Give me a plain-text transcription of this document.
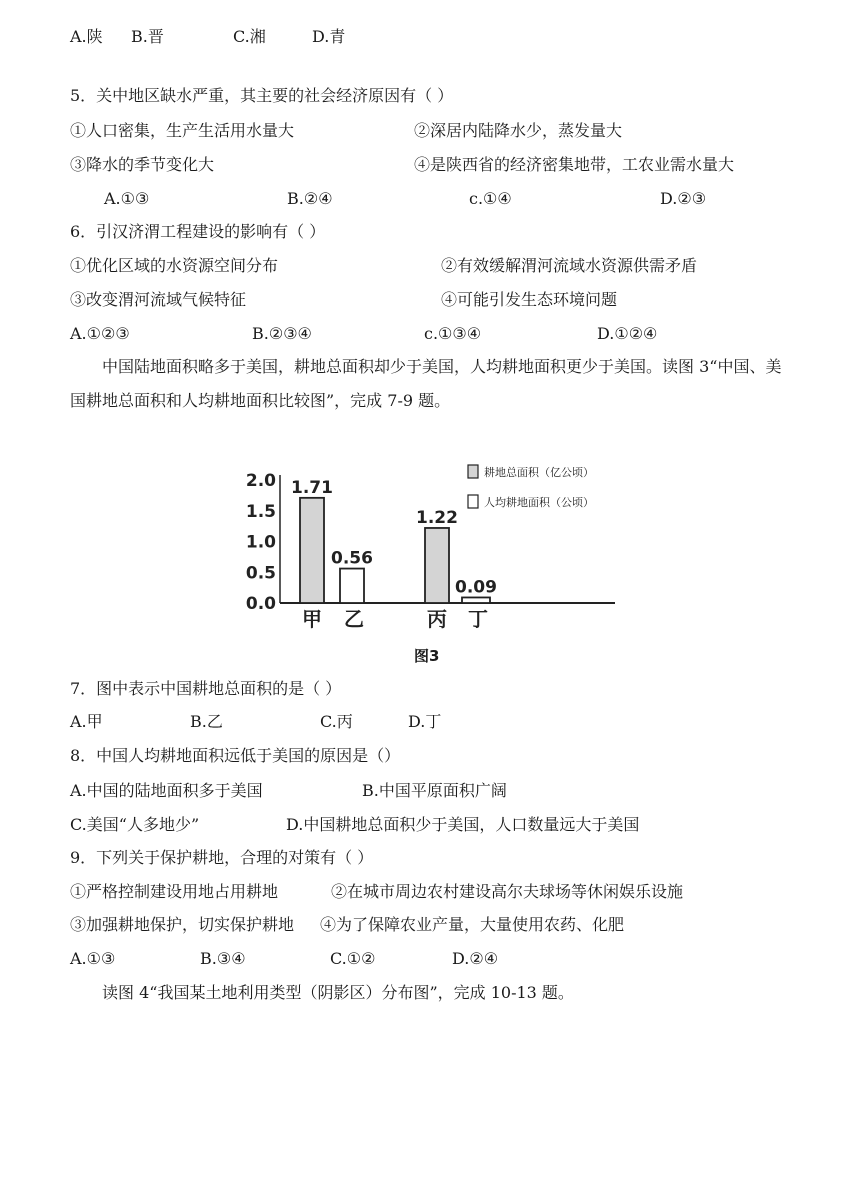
A.陕 B.晋	C.湘	D.青
5．关中地区缺水严重，其主要的社会经济原因有（ ）
①人口密集，生产生活用水量大	②深居内陆降水少，蒸发量大
③降水的季节变化大	④是陕西省的经济密集地带，工农业需水量大
A.①③	B.②④	c.①④	D.②③
6．引汉济渭工程建设的影响有（ ）
①优化区域的水资源空间分布	②有效缓解渭河流域水资源供需矛盾
③改变渭河流域气候特征	④可能引发生态环境问题
A.①②③	B.②③④	c.①③④	D.①②④
中国陆地面积略多于美国，耕地总面积却少于美国，人均耕地面积更少于美国。读图 3“中国、美国耕地总面积和人均耕地面积比较图”，完成 7-9 题。
2.0
1.5
1.0
0.5
0.0
1.71
甲
0.56
乙
1.22
丙
0.09
丁
耕地总面积（亿公顷）
人均耕地面积（公顷）
图3
7．图中表示中国耕地总面积的是（ ）
A.甲	B.乙	C.丙	D.丁
8．中国人均耕地面积远低于美国的原因是（）
A.中国的陆地面积多于美国	B.中国平原面积广阔
C.美国“人多地少”	D.中国耕地总面积少于美国，人口数量远大于美国
9．下列关于保护耕地，合理的对策有（ ）
①严格控制建设用地占用耕地	②在城市周边农村建设高尔夫球场等休闲娱乐设施
③加强耕地保护，切实保护耕地 ④为了保障农业产量，大量使用农药、化肥
A.①③	B.③④	C.①②	D.②④
读图 4“我国某土地利用类型（阴影区）分布图”，完成 10-13 题。
